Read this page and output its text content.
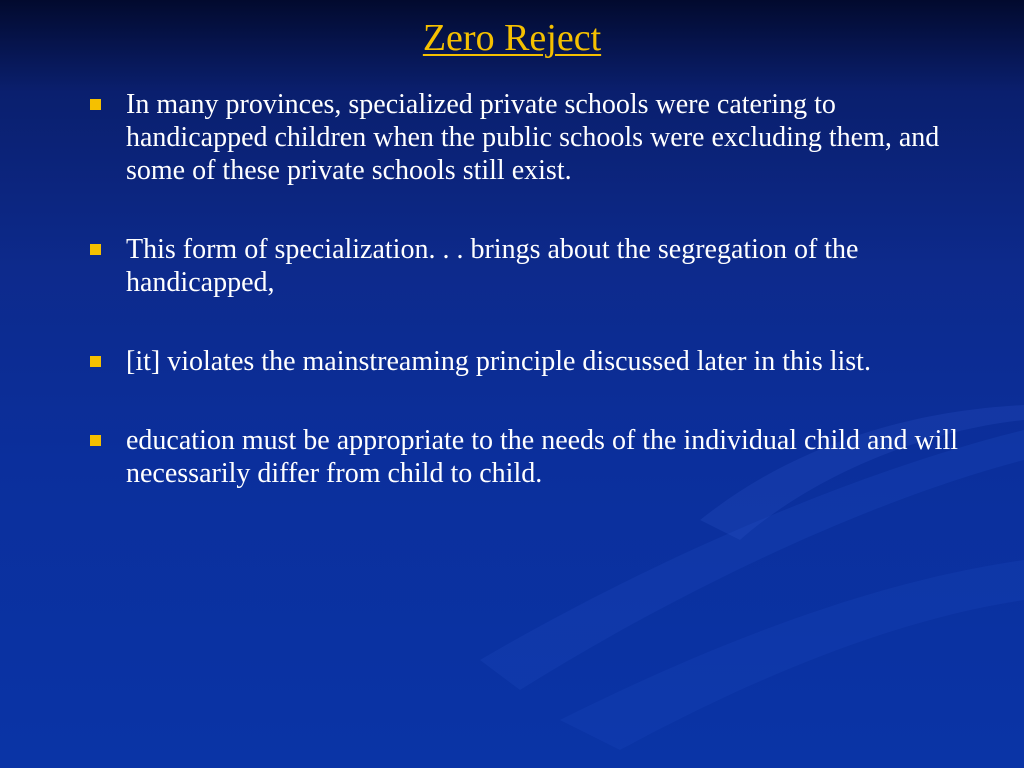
Zero Reject
In many provinces, specialized private schools were catering to handicapped children when the public schools were excluding them, and some of these private schools still exist.
This form of specialization. . . brings about the segregation of the handicapped,
[it] violates the mainstreaming principle discussed later in this list.
education must be appropriate to the needs of the individual child and will necessarily differ from child to child.
